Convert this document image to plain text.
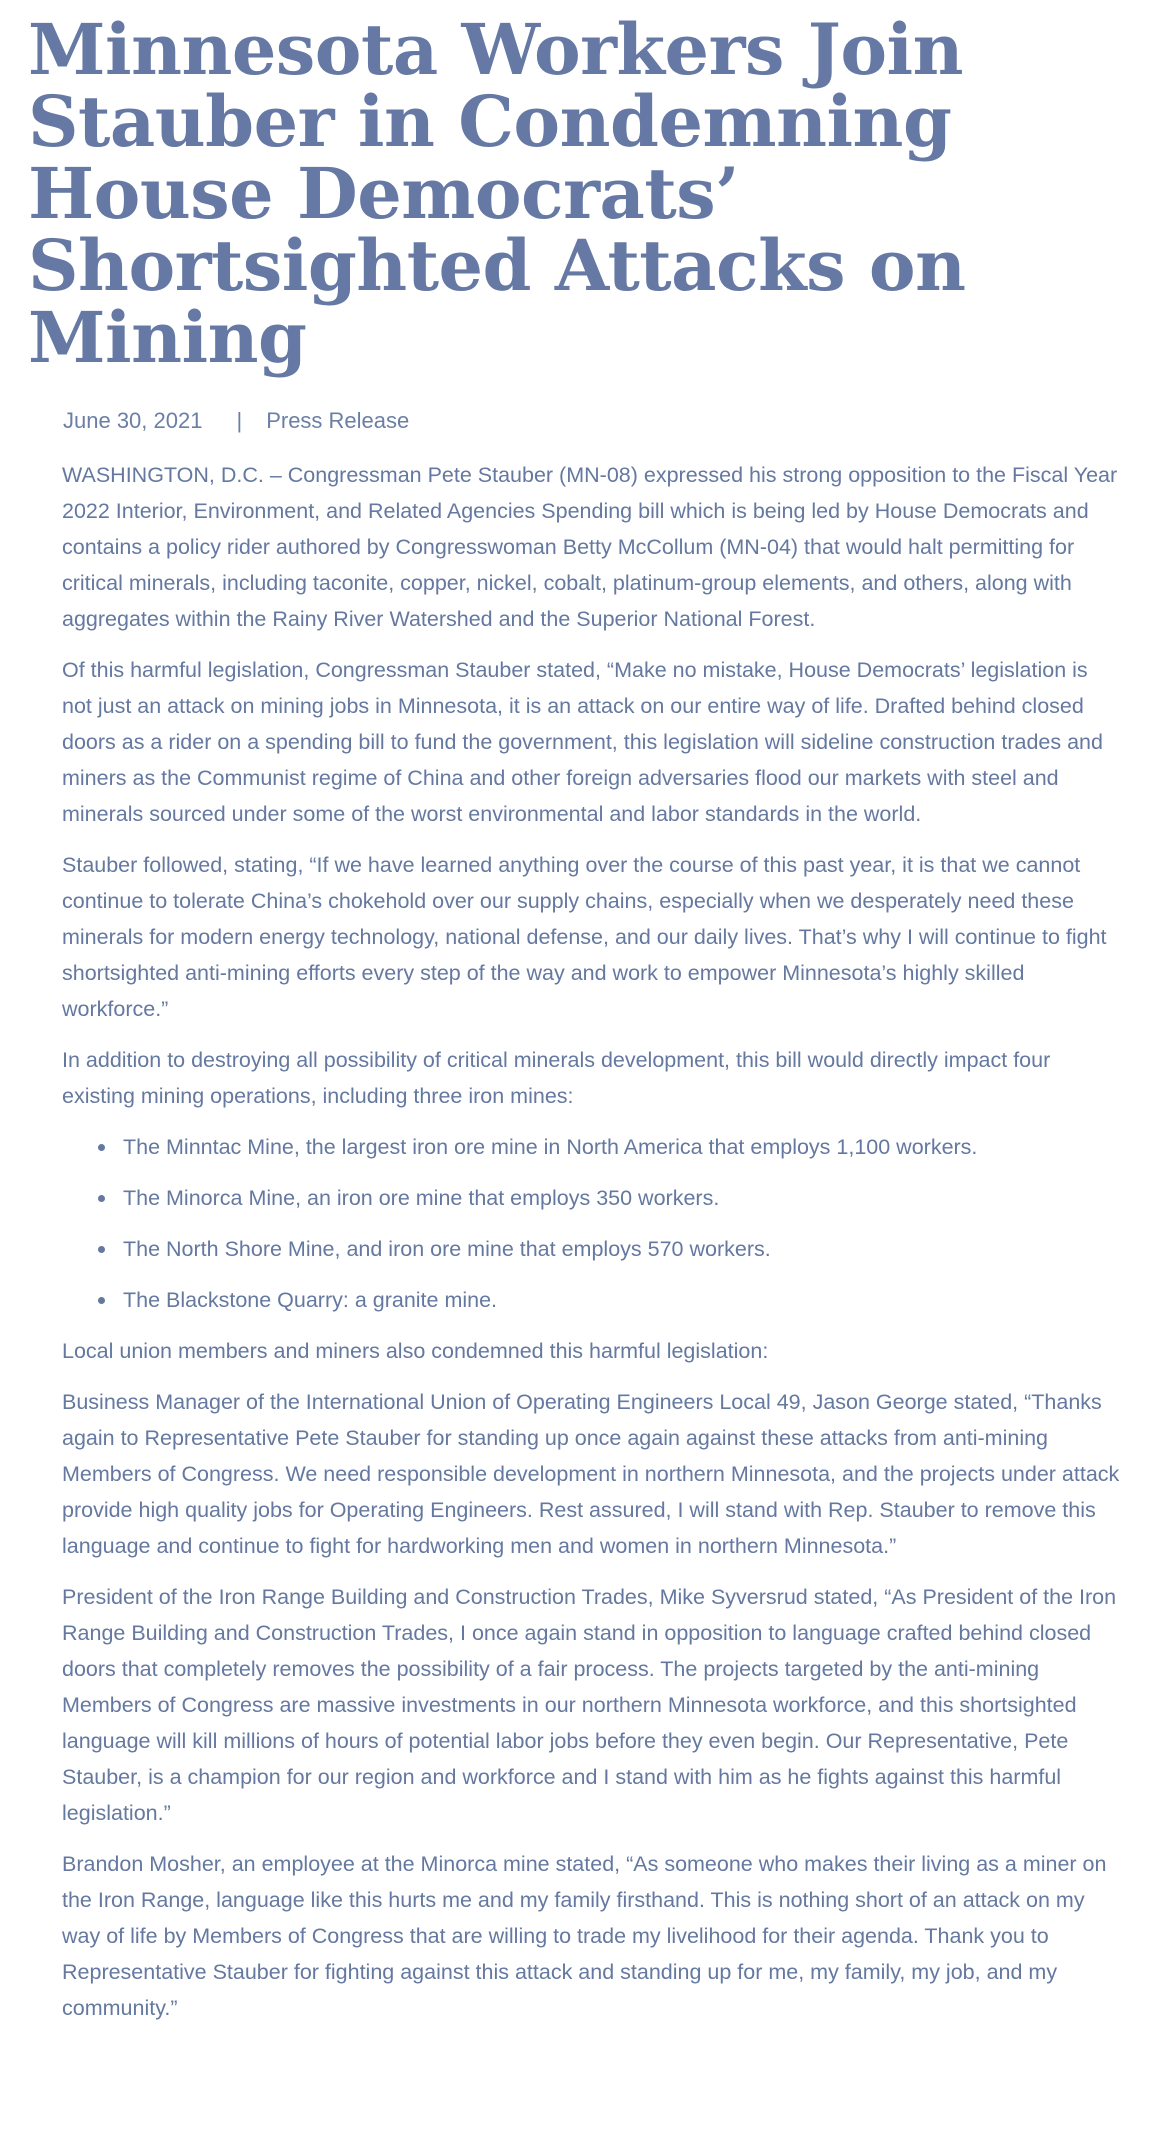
Minnesota Workers Join Stauber in Condemning House Democrats’ Shortsighted Attacks on Mining
June 30, 2021 | Press Release

WASHINGTON, D.C. – Congressman Pete Stauber (MN-08) expressed his strong opposition to the Fiscal Year 2022 Interior, Environment, and Related Agencies Spending bill which is being led by House Democrats and contains a policy rider authored by Congresswoman Betty McCollum (MN-04) that would halt permitting for critical minerals, including taconite, copper, nickel, cobalt, platinum-group elements, and others, along with aggregates within the Rainy River Watershed and the Superior National Forest.

Of this harmful legislation, Congressman Stauber stated, “Make no mistake, House Democrats’ legislation is not just an attack on mining jobs in Minnesota, it is an attack on our entire way of life. Drafted behind closed doors as a rider on a spending bill to fund the government, this legislation will sideline construction trades and miners as the Communist regime of China and other foreign adversaries flood our markets with steel and minerals sourced under some of the worst environmental and labor standards in the world.

Stauber followed, stating, “If we have learned anything over the course of this past year, it is that we cannot continue to tolerate China’s chokehold over our supply chains, especially when we desperately need these minerals for modern energy technology, national defense, and our daily lives. That’s why I will continue to fight shortsighted anti-mining efforts every step of the way and work to empower Minnesota’s highly skilled workforce.”

In addition to destroying all possibility of critical minerals development, this bill would directly impact four existing mining operations, including three iron mines:

The Minntac Mine, the largest iron ore mine in North America that employs 1,100 workers.
The Minorca Mine, an iron ore mine that employs 350 workers.
The North Shore Mine, and iron ore mine that employs 570 workers.
The Blackstone Quarry: a granite mine.

Local union members and miners also condemned this harmful legislation:

Business Manager of the International Union of Operating Engineers Local 49, Jason George stated, “Thanks again to Representative Pete Stauber for standing up once again against these attacks from anti-mining Members of Congress. We need responsible development in northern Minnesota, and the projects under attack provide high quality jobs for Operating Engineers. Rest assured, I will stand with Rep. Stauber to remove this language and continue to fight for hardworking men and women in northern Minnesota.”

President of the Iron Range Building and Construction Trades, Mike Syversrud stated, “As President of the Iron Range Building and Construction Trades, I once again stand in opposition to language crafted behind closed doors that completely removes the possibility of a fair process. The projects targeted by the anti-mining Members of Congress are massive investments in our northern Minnesota workforce, and this shortsighted language will kill millions of hours of potential labor jobs before they even begin. Our Representative, Pete Stauber, is a champion for our region and workforce and I stand with him as he fights against this harmful legislation.”

Brandon Mosher, an employee at the Minorca mine stated, “As someone who makes their living as a miner on the Iron Range, language like this hurts me and my family firsthand. This is nothing short of an attack on my way of life by Members of Congress that are willing to trade my livelihood for their agenda. Thank you to Representative Stauber for fighting against this attack and standing up for me, my family, my job, and my community.”
